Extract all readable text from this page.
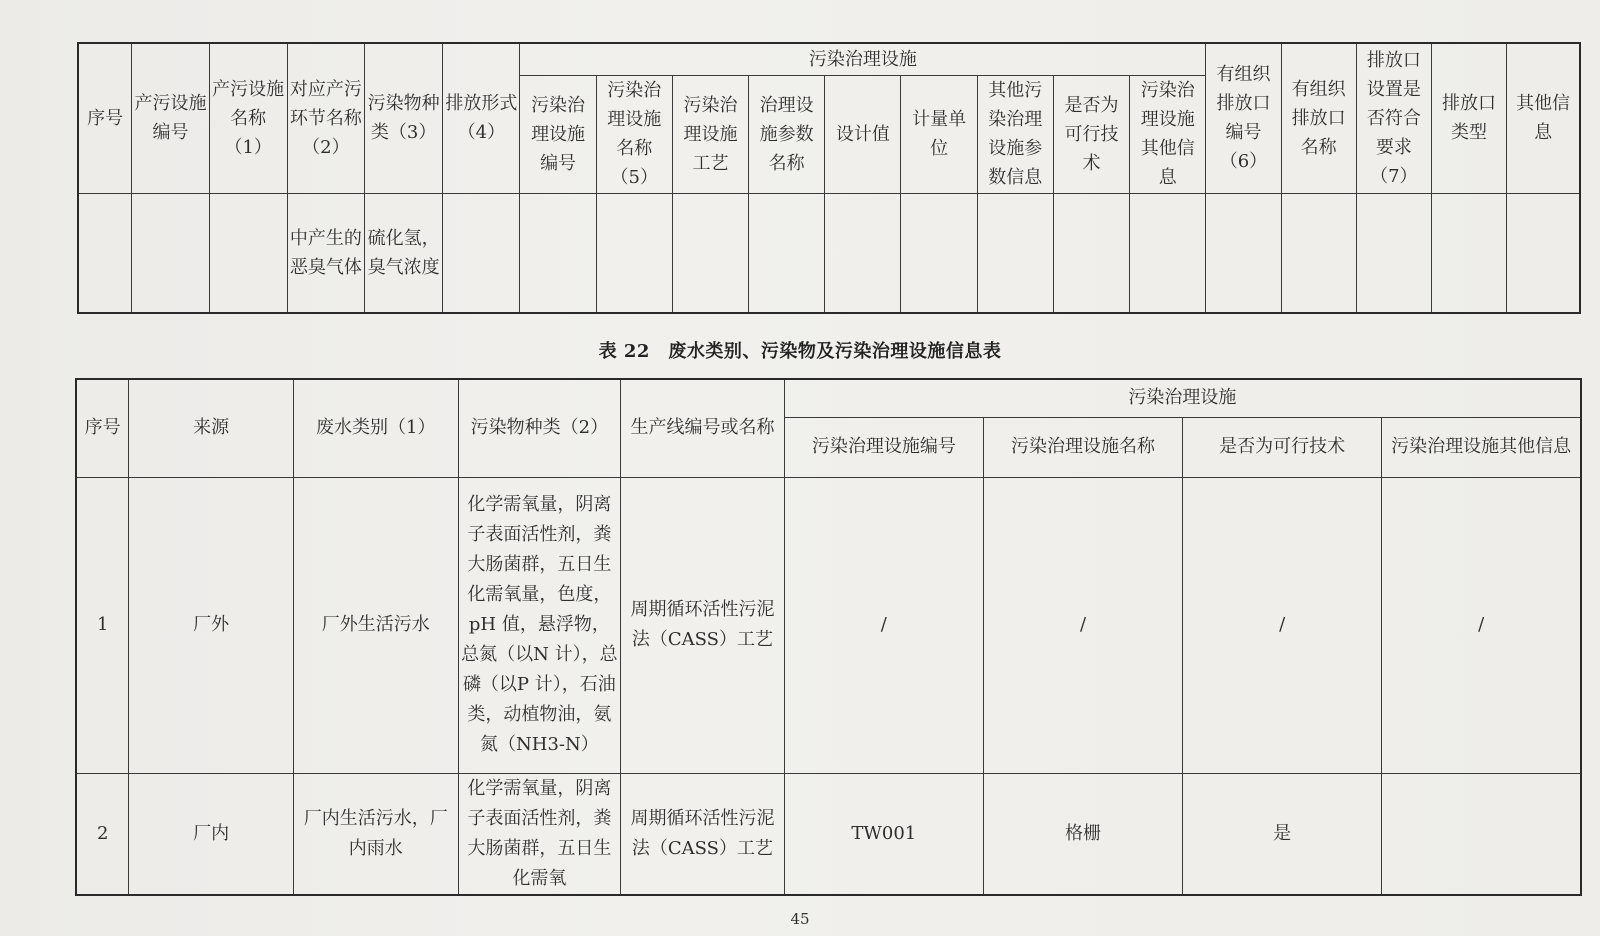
序号	产污设施编号	产污设施名称（1）	对应产污环节名称（2）	污染物种类（3）	排放形式（4）	污染治理设施									有组织排放口编号（6）	有组织排放口名称	排放口设置是否符合要求（7）	排放口类型	其他信息
						污染治理设施编号	污染治理设施名称（5）	污染治理设施工艺	治理设施参数名称	设计值	计量单位	其他污染治理设施参数信息	是否为可行技术	污染治理设施其他信息					
			中产生的恶臭气体	硫化氢，臭气浓度															
表 22　废水类别、污染物及污染治理设施信息表
序号	来源	废水类别（1）	污染物种类（2）	生产线编号或名称	污染治理设施			
					污染治理设施编号	污染治理设施名称	是否为可行技术	污染治理设施其他信息
1	厂外	厂外生活污水	化学需氧量，阴离子表面活性剂，粪大肠菌群，五日生化需氧量，色度，pH 值，悬浮物，总氮（以N 计），总磷（以P 计），石油类，动植物油，氨氮（NH3-N）	周期循环活性污泥法（CASS）工艺	/	/	/	/
2	厂内	厂内生活污水，厂内雨水	化学需氧量，阴离子表面活性剂，粪大肠菌群，五日生化需氧	周期循环活性污泥法（CASS）工艺	TW001	格栅	是	
45
